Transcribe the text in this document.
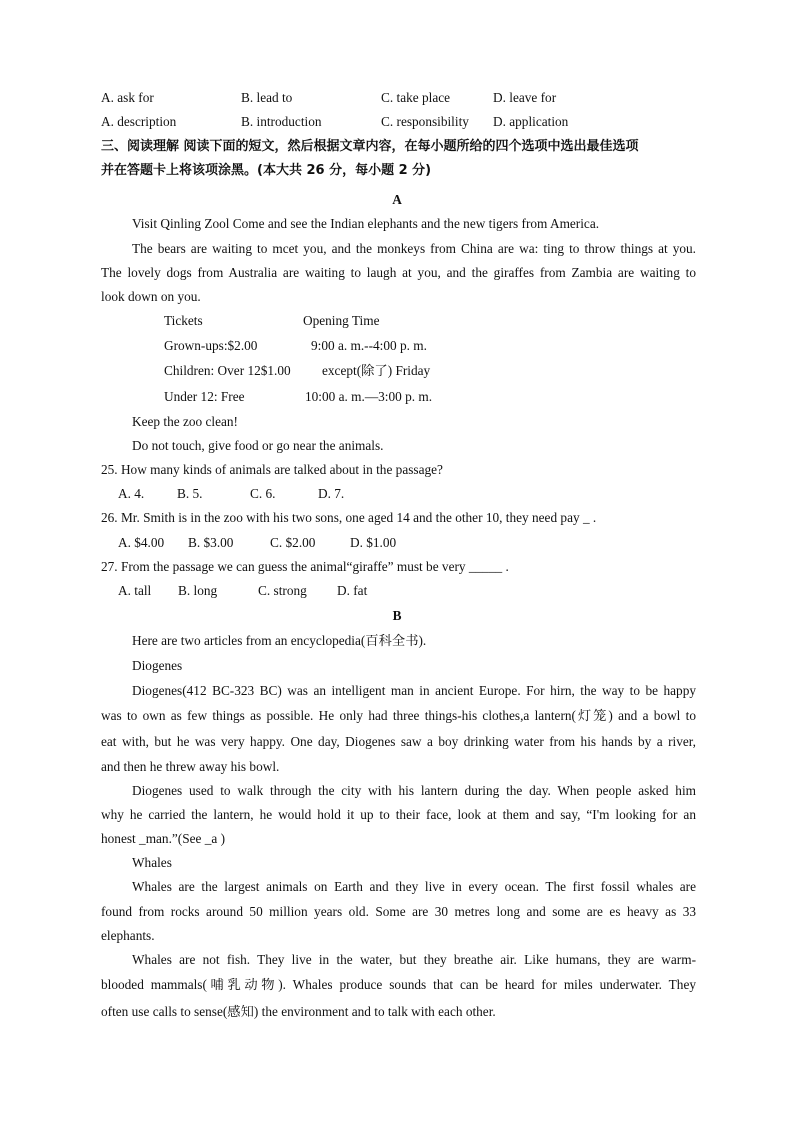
A. ask for	B. lead to	C. take place	D. leave for
A. description	B. introduction	C. responsibility D. application
三、阅读理解 阅读下面的短文，然后根据文章内容，在每小题所给的四个选项中选出最佳选项
并在答题卡上将该项涂黑。(本大共 26 分，每小题 2 分)
A
Visit Qinling Zool Come and see the Indian elephants and the new tigers from America.
The bears are waiting to mcet you, and the monkeys from China are wa: ting to throw things at you.
The lovely dogs from Australia are waiting to laugh at you, and the giraffes from Zambia are waiting to
look down on you.
Tickets	Opening Time
Grown-ups:$2.00	9:00 a. m.--4:00 p. m.
Children: Over 12$1.00 except(除了) Friday
Under 12: Free	10:00 a. m.—3:00 p. m.
Keep the zoo clean!
Do not touch, give food or go near the animals.
25. How many kinds of animals are talked about in the passage?
A. 4. B. 5.	C. 6.	D. 7.
26. Mr. Smith is in the zoo with his two sons, one aged 14 and the other 10, they need pay _ .
A. $4.00 B. $3.00	C. $2.00	D. $1.00
27. From the passage we can guess the animal“giraffe” must be very _____ .
A. tall B. long	C. strong D. fat
B
Here are two articles from an encyclopedia(百科全书).
Diogenes
Diogenes(412 BC-323 BC) was an intelligent man in ancient Europe. For hirn, the way to be happy
was to own as few things as possible. He only had three things-his clothes,a lantern(灯笼) and a bowl to
eat with, but he was very happy. One day, Diogenes saw a boy drinking water from his hands by a river,
and then he threw away his bowl.
Diogenes used to walk through the city with his lantern during the day. When people asked him
why he carried the lantern, he would hold it up to their face, look at them and say, “I'm looking for an
honest _man.”(See _a )
Whales
Whales are the largest animals on Earth and they live in every ocean. The first fossil whales are
found from rocks around 50 million years old. Some are 30 metres long and some are es heavy as 33
elephants.
Whales are not fish. They live in the water, but they breathe air. Like humans, they are warm-
blooded mammals(哺乳动物). Whales produce sounds that can be heard for miles underwater. They
often use calls to sense(感知) the environment and to talk with each other.
